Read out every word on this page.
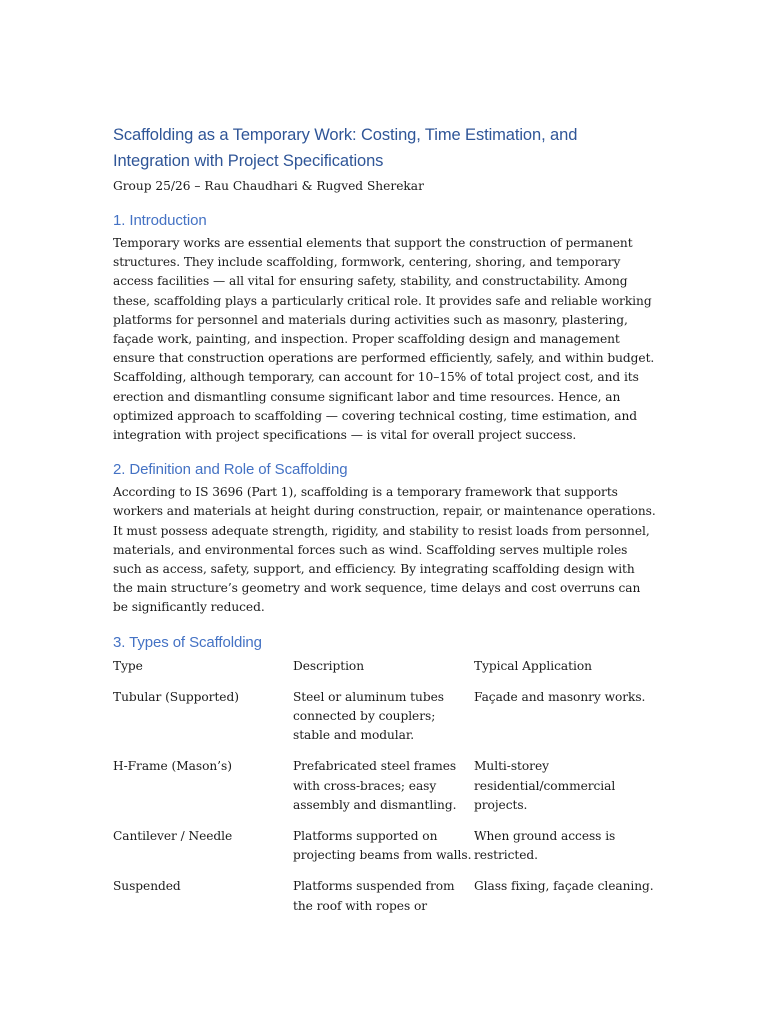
Scaffolding as a Temporary Work: Costing, Time Estimation, and Integration with Project Specifications

Group 25/26 – Rau Chaudhari & Rugved Sherekar

1. Introduction

Temporary works are essential elements that support the construction of permanent structures. They include scaffolding, formwork, centering, shoring, and temporary access facilities — all vital for ensuring safety, stability, and constructability. Among these, scaffolding plays a particularly critical role. It provides safe and reliable working platforms for personnel and materials during activities such as masonry, plastering, façade work, painting, and inspection. Proper scaffolding design and management ensure that construction operations are performed efficiently, safely, and within budget. Scaffolding, although temporary, can account for 10–15% of total project cost, and its erection and dismantling consume significant labor and time resources. Hence, an optimized approach to scaffolding — covering technical costing, time estimation, and integration with project specifications — is vital for overall project success.

2. Definition and Role of Scaffolding

According to IS 3696 (Part 1), scaffolding is a temporary framework that supports workers and materials at height during construction, repair, or maintenance operations. It must possess adequate strength, rigidity, and stability to resist loads from personnel, materials, and environmental forces such as wind. Scaffolding serves multiple roles such as access, safety, support, and efficiency. By integrating scaffolding design with the main structure’s geometry and work sequence, time delays and cost overruns can be significantly reduced.

3. Types of Scaffolding
Type	Description	Typical Application
Tubular (Supported)	Steel or aluminum tubes connected by couplers; stable and modular.	Façade and masonry works.
H-Frame (Mason’s)	Prefabricated steel frames with cross-braces; easy assembly and dismantling.	Multi-storey residential/commercial projects.
Cantilever / Needle	Platforms supported on projecting beams from walls.	When ground access is restricted.
Suspended	Platforms suspended from the roof with ropes or	Glass fixing, façade cleaning.
